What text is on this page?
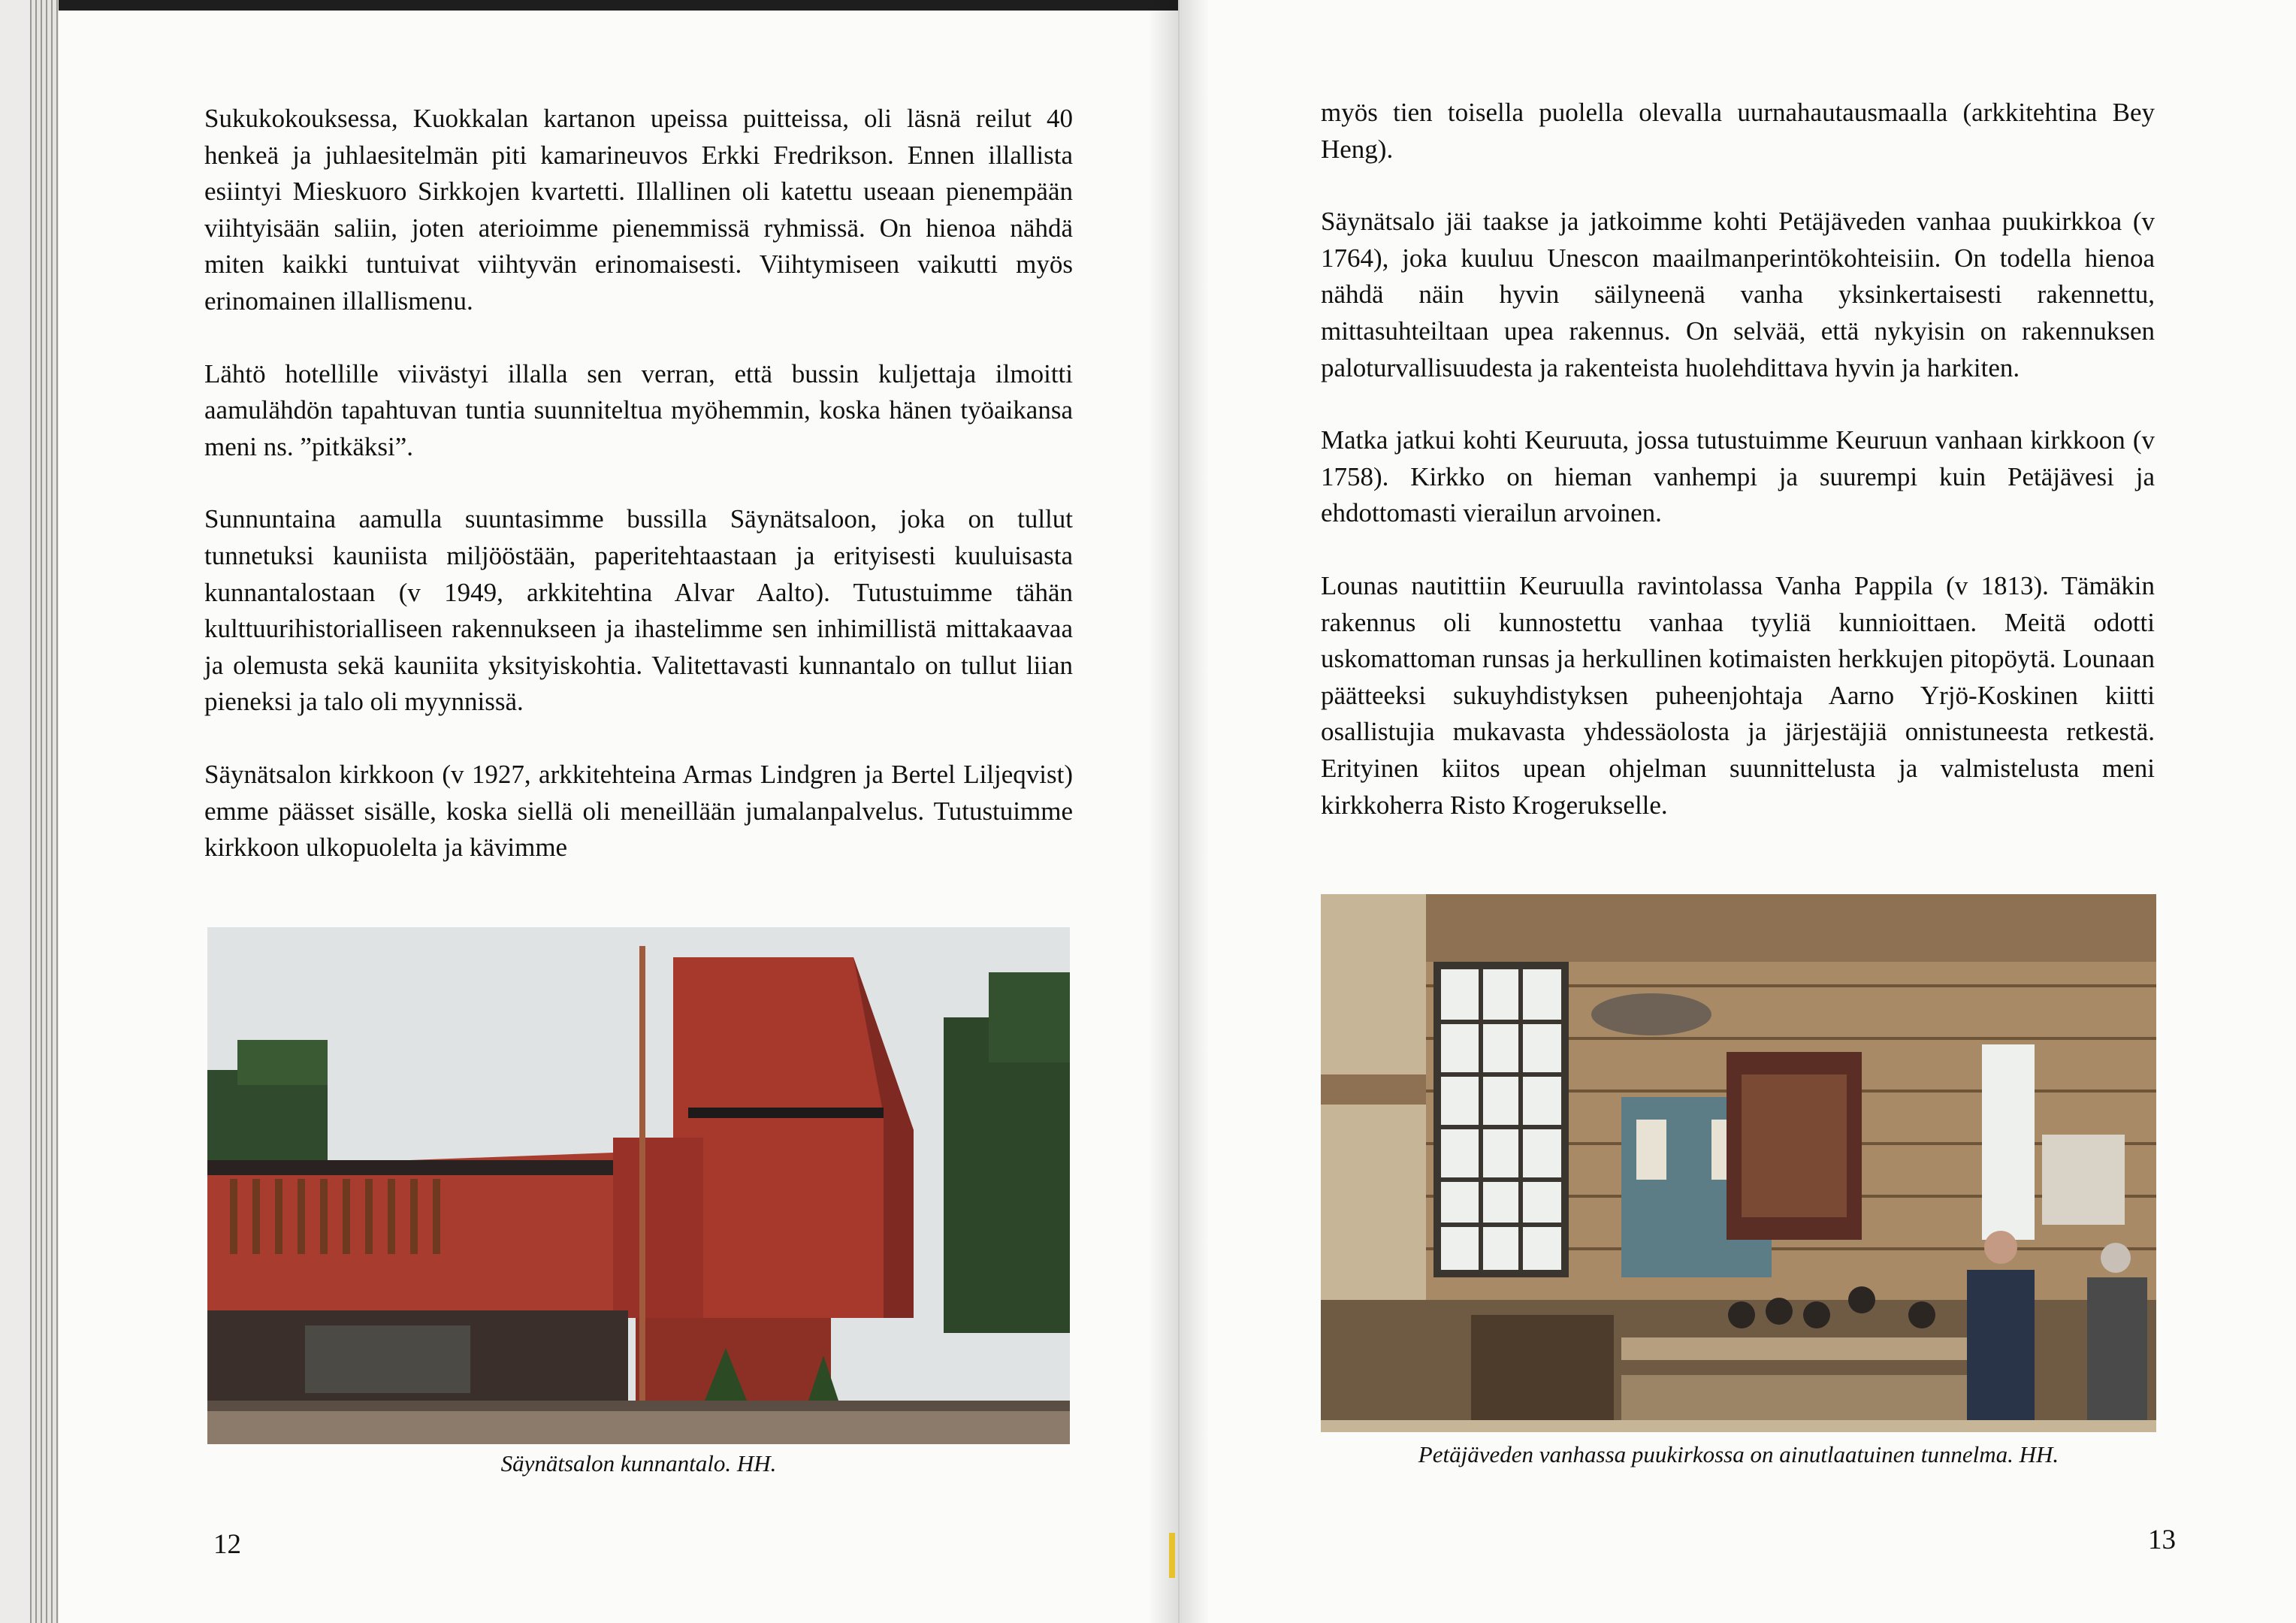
Sukukokouksessa, Kuokkalan kartanon upeissa puitteissa, oli läsnä reilut 40 henkeä ja juhlaesitelmän piti kamarineuvos Erkki Fredrikson. Ennen illallista esiintyi Mieskuoro Sirkkojen kvartetti. Illallinen oli katettu useaan pienempään viihtyisään saliin, joten aterioimme pienemmissä ryhmissä. On hienoa nähdä miten kaikki tuntuivat viihtyvän erinomaisesti. Viihtymiseen vaikutti myös erinomainen illallismenu.

Lähtö hotellille viivästyi illalla sen verran, että bussin kuljettaja ilmoitti aamulähdön tapahtuvan tuntia suunniteltua myöhemmin, koska hänen työaikansa meni ns. ”pitkäksi”.

Sunnuntaina aamulla suuntasimme bussilla Säynätsaloon, joka on tullut tunnetuksi kauniista miljööstään, paperitehtaastaan ja erityisesti kuuluisasta kunnantalostaan (v 1949, arkkitehtina Alvar Aalto). Tutustuimme tähän kulttuurihistorialliseen rakennukseen ja ihastelimme sen inhimillistä mittakaavaa ja olemusta sekä kauniita yksityiskohtia. Valitettavasti kunnantalo on tullut liian pieneksi ja talo oli myynnissä.

Säynätsalon kirkkoon (v 1927, arkkitehteina Armas Lindgren ja Bertel Liljeqvist) emme päässet sisälle, koska siellä oli meneillään jumalanpalvelus. Tutustuimme kirkkoon ulkopuolelta ja kävimme

Säynätsalon kunnantalo. HH.
12

myös tien toisella puolella olevalla uurnahautausmaalla (arkkitehtina Bey Heng).

Säynätsalo jäi taakse ja jatkoimme kohti Petäjäveden vanhaa puukirkkoa (v 1764), joka kuuluu Unescon maailmanperintökohteisiin. On todella hienoa nähdä näin hyvin säilyneenä vanha yksinkertaisesti rakennettu, mittasuhteiltaan upea rakennus. On selvää, että nykyisin on rakennuksen paloturvallisuudesta ja rakenteista huolehdittava hyvin ja harkiten.

Matka jatkui kohti Keuruuta, jossa tutustuimme Keuruun vanhaan kirkkoon (v 1758). Kirkko on hieman vanhempi ja suurempi kuin Petäjävesi ja ehdottomasti vierailun arvoinen.

Lounas nautittiin Keuruulla ravintolassa Vanha Pappila (v 1813). Tämäkin rakennus oli kunnostettu vanhaa tyyliä kunnioittaen. Meitä odotti uskomattoman runsas ja herkullinen kotimaisten herkkujen pitopöytä. Lounaan päätteeksi sukuyhdistyksen puheenjohtaja Aarno Yrjö-Koskinen kiitti osallistujia mukavasta yhdessäolosta ja järjestäjiä onnistuneesta retkestä. Erityinen kiitos upean ohjelman suunnittelusta ja valmistelusta meni kirkkoherra Risto Krogerukselle.

Petäjäveden vanhassa puukirkossa on ainutlaatuinen tunnelma. HH.
13
